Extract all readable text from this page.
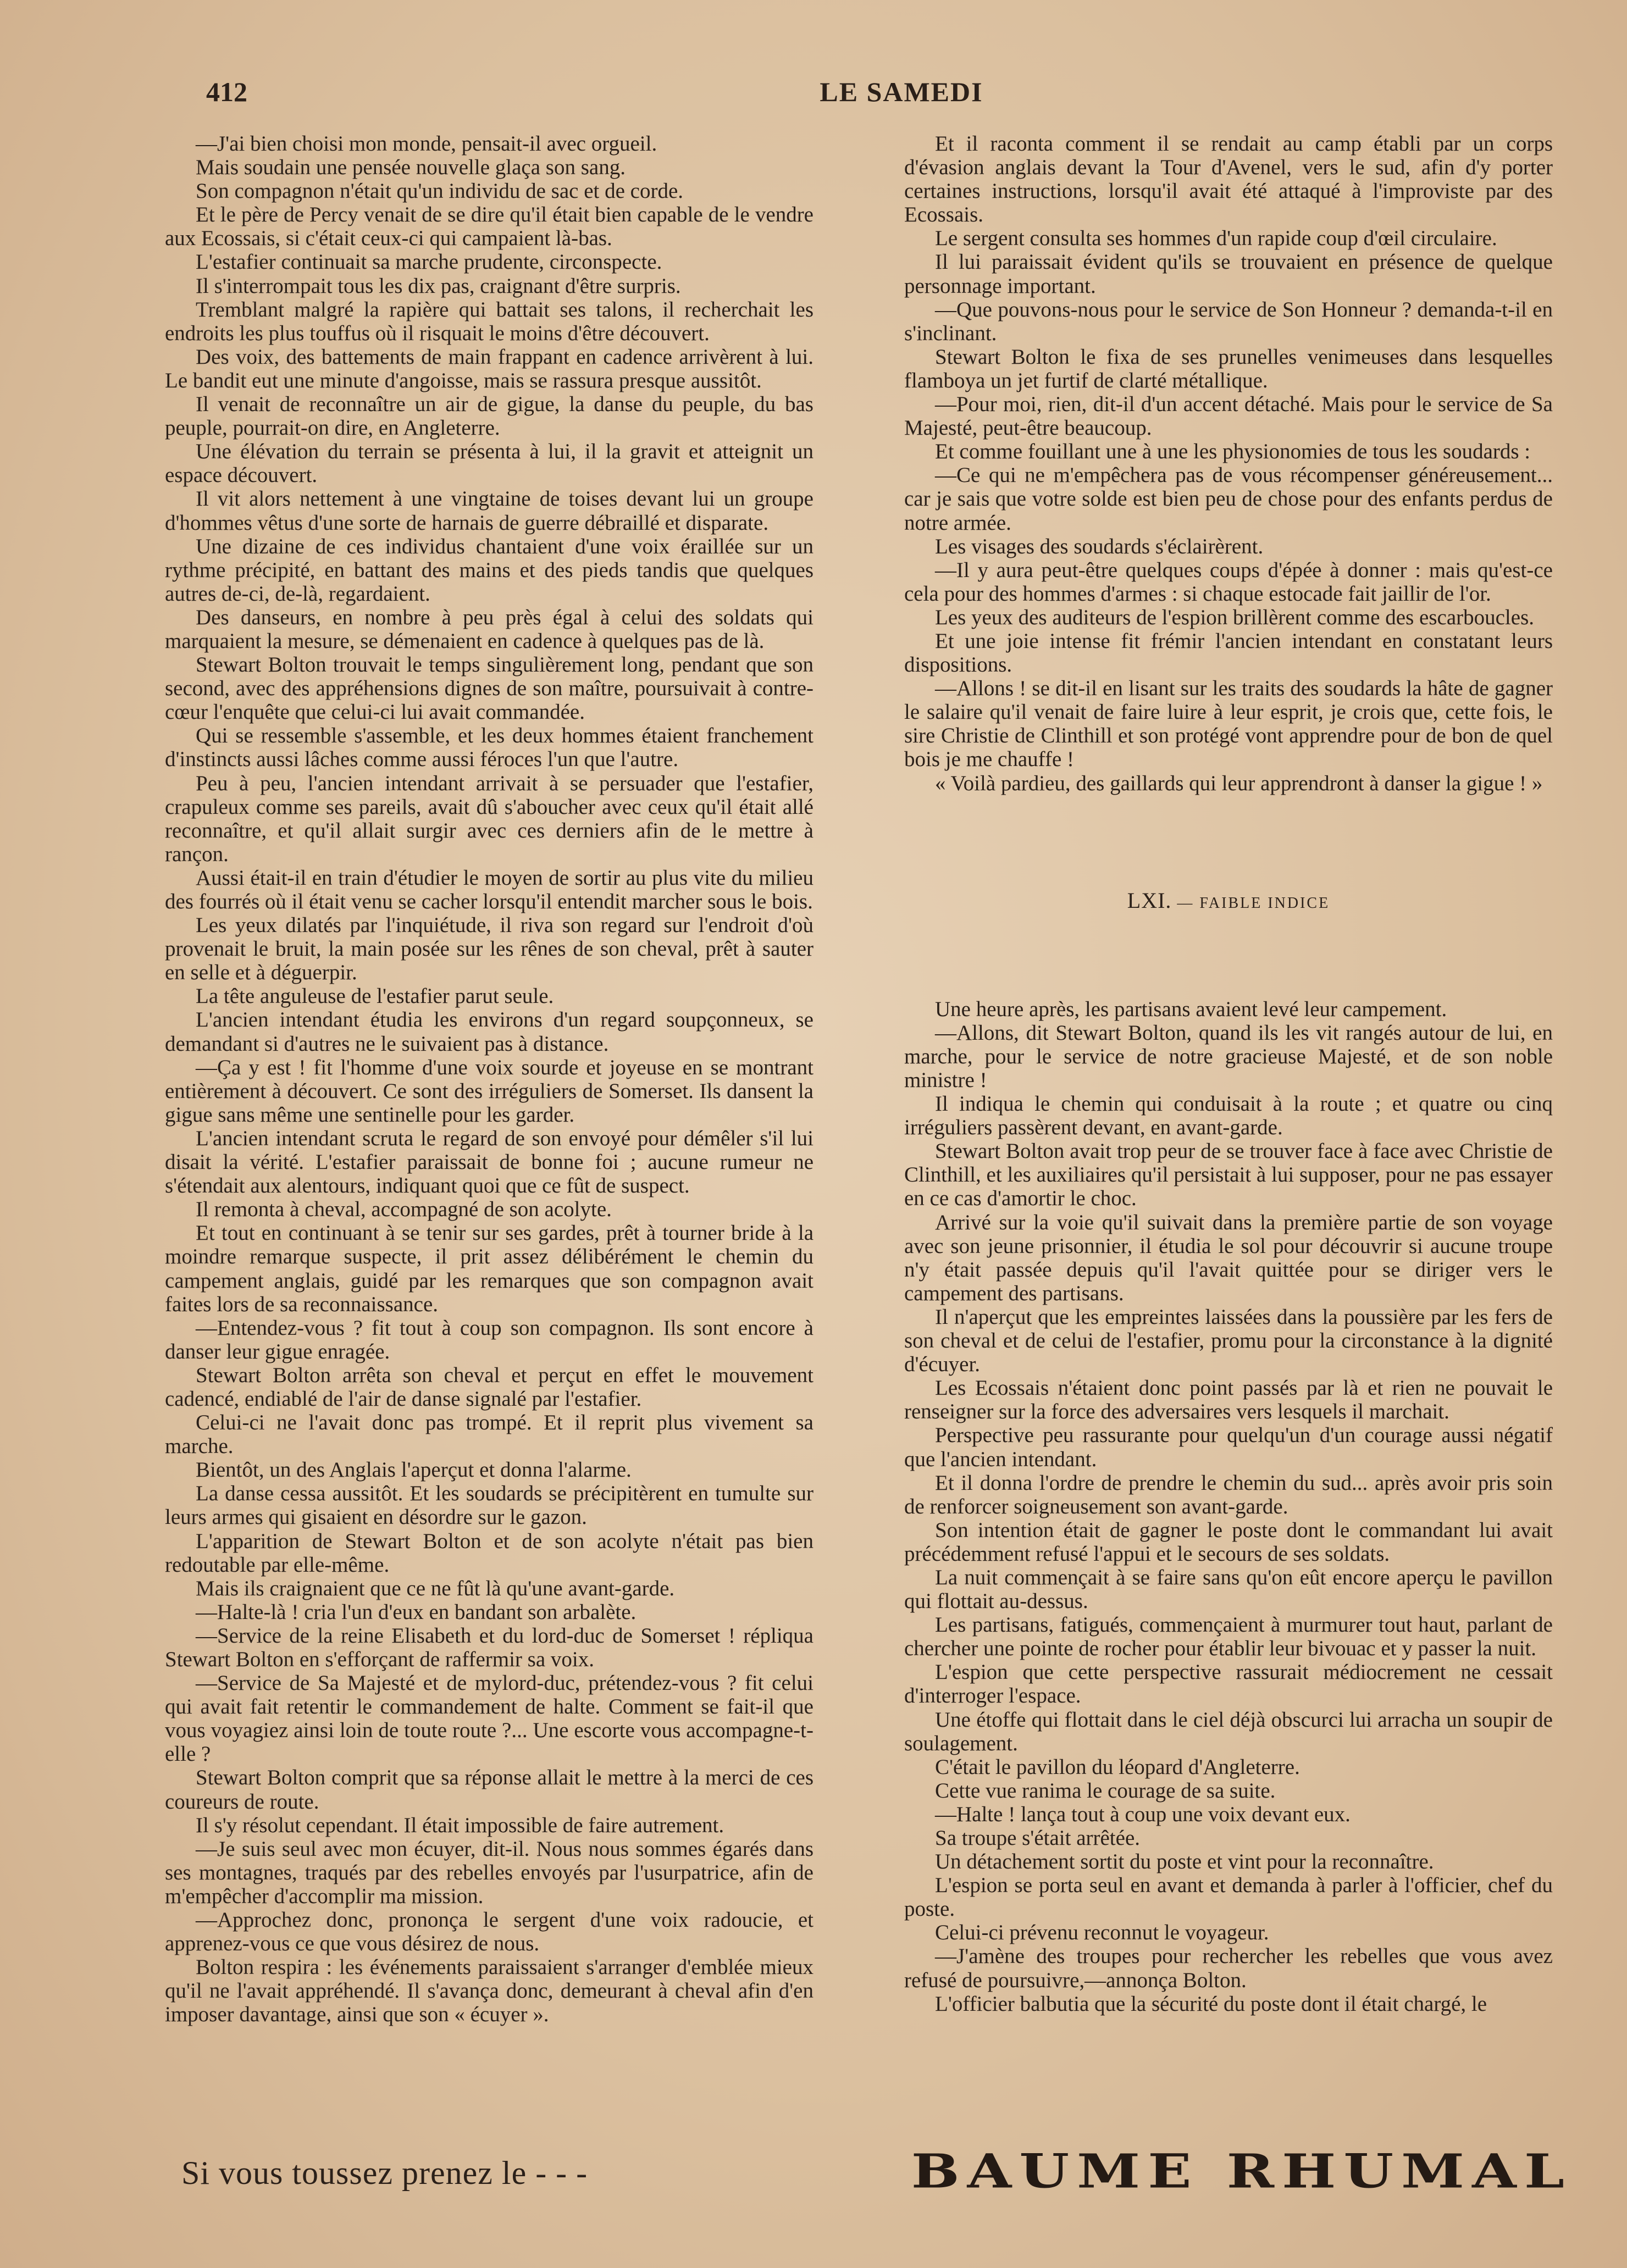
412	LE SAMEDI

—J'ai bien choisi mon monde, pensait-il avec orgueil.

Mais soudain une pensée nouvelle glaça son sang.

Son compagnon n'était qu'un individu de sac et de corde.

Et le père de Percy venait de se dire qu'il était bien capable de le vendre aux Ecossais, si c'était ceux-ci qui campaient là-bas.

L'estafier continuait sa marche prudente, circonspecte.

Il s'interrompait tous les dix pas, craignant d'être surpris.

Tremblant malgré la rapière qui battait ses talons, il recherchait les endroits les plus touffus où il risquait le moins d'être découvert.

Des voix, des battements de main frappant en cadence arrivèrent à lui. Le bandit eut une minute d'angoisse, mais se rassura presque aussitôt.

Il venait de reconnaître un air de gigue, la danse du peuple, du bas peuple, pourrait-on dire, en Angleterre.

Une élévation du terrain se présenta à lui, il la gravit et atteignit un espace découvert.

Il vit alors nettement à une vingtaine de toises devant lui un groupe d'hommes vêtus d'une sorte de harnais de guerre débraillé et disparate.

Une dizaine de ces individus chantaient d'une voix éraillée sur un rythme précipité, en battant des mains et des pieds tandis que quelques autres de-ci, de-là, regardaient.

Des danseurs, en nombre à peu près égal à celui des soldats qui marquaient la mesure, se démenaient en cadence à quelques pas de là.

Stewart Bolton trouvait le temps singulièrement long, pendant que son second, avec des appréhensions dignes de son maître, poursuivait à contre-cœur l'enquête que celui-ci lui avait commandée.

Qui se ressemble s'assemble, et les deux hommes étaient franchement d'instincts aussi lâches comme aussi féroces l'un que l'autre.

Peu à peu, l'ancien intendant arrivait à se persuader que l'estafier, crapuleux comme ses pareils, avait dû s'aboucher avec ceux qu'il était allé reconnaître, et qu'il allait surgir avec ces derniers afin de le mettre à rançon.

Aussi était-il en train d'étudier le moyen de sortir au plus vite du milieu des fourrés où il était venu se cacher lorsqu'il entendit marcher sous le bois.

Les yeux dilatés par l'inquiétude, il riva son regard sur l'endroit d'où provenait le bruit, la main posée sur les rênes de son cheval, prêt à sauter en selle et à déguerpir.

La tête anguleuse de l'estafier parut seule.

L'ancien intendant étudia les environs d'un regard soupçonneux, se demandant si d'autres ne le suivaient pas à distance.

—Ça y est ! fit l'homme d'une voix sourde et joyeuse en se montrant entièrement à découvert. Ce sont des irréguliers de Somerset. Ils dansent la gigue sans même une sentinelle pour les garder.

L'ancien intendant scruta le regard de son envoyé pour démêler s'il lui disait la vérité. L'estafier paraissait de bonne foi ; aucune rumeur ne s'étendait aux alentours, indiquant quoi que ce fût de suspect.

Il remonta à cheval, accompagné de son acolyte.

Et tout en continuant à se tenir sur ses gardes, prêt à tourner bride à la moindre remarque suspecte, il prit assez délibérément le chemin du campement anglais, guidé par les remarques que son compagnon avait faites lors de sa reconnaissance.

—Entendez-vous ? fit tout à coup son compagnon. Ils sont encore à danser leur gigue enragée.

Stewart Bolton arrêta son cheval et perçut en effet le mouvement cadencé, endiablé de l'air de danse signalé par l'estafier.

Celui-ci ne l'avait donc pas trompé. Et il reprit plus vivement sa marche.

Bientôt, un des Anglais l'aperçut et donna l'alarme.

La danse cessa aussitôt. Et les soudards se précipitèrent en tumulte sur leurs armes qui gisaient en désordre sur le gazon.

L'apparition de Stewart Bolton et de son acolyte n'était pas bien redoutable par elle-même.

Mais ils craignaient que ce ne fût là qu'une avant-garde.

—Halte-là ! cria l'un d'eux en bandant son arbalète.

—Service de la reine Elisabeth et du lord-duc de Somerset ! répliqua Stewart Bolton en s'efforçant de raffermir sa voix.

—Service de Sa Majesté et de mylord-duc, prétendez-vous ? fit celui qui avait fait retentir le commandement de halte. Comment se fait-il que vous voyagiez ainsi loin de toute route ?... Une escorte vous accompagne-t-elle ?

Stewart Bolton comprit que sa réponse allait le mettre à la merci de ces coureurs de route.

Il s'y résolut cependant. Il était impossible de faire autrement.

—Je suis seul avec mon écuyer, dit-il. Nous nous sommes égarés dans ses montagnes, traqués par des rebelles envoyés par l'usurpatrice, afin de m'empêcher d'accomplir ma mission.

—Approchez donc, prononça le sergent d'une voix radoucie, et apprenez-vous ce que vous désirez de nous.

Bolton respira : les événements paraissaient s'arranger d'emblée mieux qu'il ne l'avait appréhendé. Il s'avança donc, demeurant à cheval afin d'en imposer davantage, ainsi que son « écuyer ».

Et il raconta comment il se rendait au camp établi par un corps d'évasion anglais devant la Tour d'Avenel, vers le sud, afin d'y porter certaines instructions, lorsqu'il avait été attaqué à l'improviste par des Ecossais.

Le sergent consulta ses hommes d'un rapide coup d'œil circulaire.

Il lui paraissait évident qu'ils se trouvaient en présence de quelque personnage important.

—Que pouvons-nous pour le service de Son Honneur ? demanda-t-il en s'inclinant.

Stewart Bolton le fixa de ses prunelles venimeuses dans lesquelles flamboya un jet furtif de clarté métallique.

—Pour moi, rien, dit-il d'un accent détaché. Mais pour le service de Sa Majesté, peut-être beaucoup.

Et comme fouillant une à une les physionomies de tous les soudards :

—Ce qui ne m'empêchera pas de vous récompenser généreusement... car je sais que votre solde est bien peu de chose pour des enfants perdus de notre armée.

Les visages des soudards s'éclairèrent.

—Il y aura peut-être quelques coups d'épée à donner : mais qu'est-ce cela pour des hommes d'armes : si chaque estocade fait jaillir de l'or.

Les yeux des auditeurs de l'espion brillèrent comme des escarboucles.

Et une joie intense fit frémir l'ancien intendant en constatant leurs dispositions.

—Allons ! se dit-il en lisant sur les traits des soudards la hâte de gagner le salaire qu'il venait de faire luire à leur esprit, je crois que, cette fois, le sire Christie de Clinthill et son protégé vont apprendre pour de bon de quel bois je me chauffe !

« Voilà pardieu, des gaillards qui leur apprendront à danser la gigue ! »

LXI. — FAIBLE INDICE

Une heure après, les partisans avaient levé leur campement.

—Allons, dit Stewart Bolton, quand ils les vit rangés autour de lui, en marche, pour le service de notre gracieuse Majesté, et de son noble ministre !

Il indiqua le chemin qui conduisait à la route ; et quatre ou cinq irréguliers passèrent devant, en avant-garde.

Stewart Bolton avait trop peur de se trouver face à face avec Christie de Clinthill, et les auxiliaires qu'il persistait à lui supposer, pour ne pas essayer en ce cas d'amortir le choc.

Arrivé sur la voie qu'il suivait dans la première partie de son voyage avec son jeune prisonnier, il étudia le sol pour découvrir si aucune troupe n'y était passée depuis qu'il l'avait quittée pour se diriger vers le campement des partisans.

Il n'aperçut que les empreintes laissées dans la poussière par les fers de son cheval et de celui de l'estafier, promu pour la circonstance à la dignité d'écuyer.

Les Ecossais n'étaient donc point passés par là et rien ne pouvait le renseigner sur la force des adversaires vers lesquels il marchait.

Perspective peu rassurante pour quelqu'un d'un courage aussi négatif que l'ancien intendant.

Et il donna l'ordre de prendre le chemin du sud... après avoir pris soin de renforcer soigneusement son avant-garde.

Son intention était de gagner le poste dont le commandant lui avait précédemment refusé l'appui et le secours de ses soldats.

La nuit commençait à se faire sans qu'on eût encore aperçu le pavillon qui flottait au-dessus.

Les partisans, fatigués, commençaient à murmurer tout haut, parlant de chercher une pointe de rocher pour établir leur bivouac et y passer la nuit.

L'espion que cette perspective rassurait médiocrement ne cessait d'interroger l'espace.

Une étoffe qui flottait dans le ciel déjà obscurci lui arracha un soupir de soulagement.

C'était le pavillon du léopard d'Angleterre.

Cette vue ranima le courage de sa suite.

—Halte ! lança tout à coup une voix devant eux.

Sa troupe s'était arrêtée.

Un détachement sortit du poste et vint pour la reconnaître.

L'espion se porta seul en avant et demanda à parler à l'officier, chef du poste.

Celui-ci prévenu reconnut le voyageur.

—J'amène des troupes pour rechercher les rebelles que vous avez refusé de poursuivre,—annonça Bolton.

L'officier balbutia que la sécurité du poste dont il était chargé, le

Si vous toussez prenez le - - -	BAUME RHUMAL
